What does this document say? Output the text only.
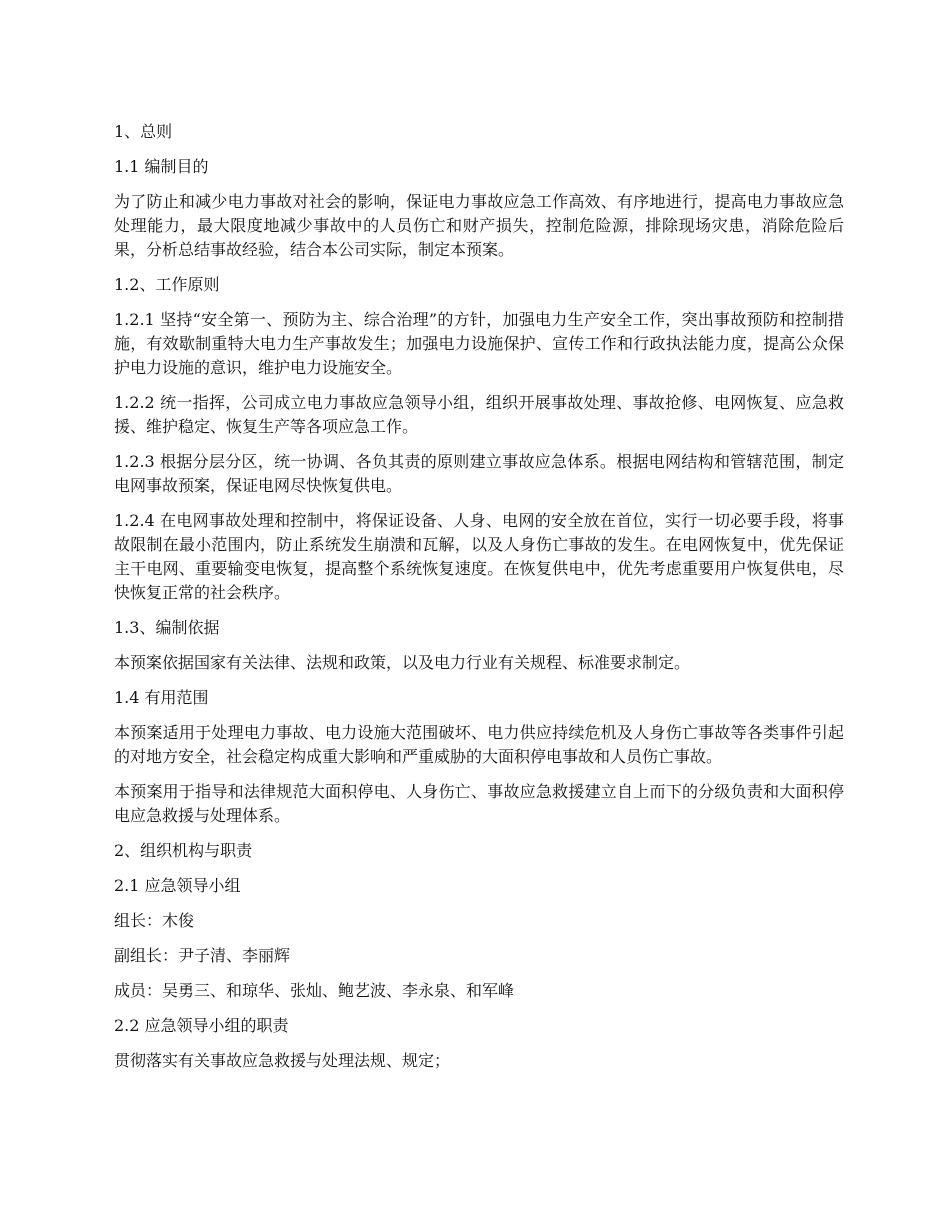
1、总则

1.1 编制目的

为了防止和减少电力事故对社会的影响，保证电力事故应急工作高效、有序地进行，提高电力事故应急处理能力，最大限度地减少事故中的人员伤亡和财产损失，控制危险源，排除现场灾患，消除危险后果，分析总结事故经验，结合本公司实际，制定本预案。

1.2、工作原则

1.2.1 坚持“安全第一、预防为主、综合治理”的方针，加强电力生产安全工作，突出事故预防和控制措施，有效歇制重特大电力生产事故发生；加强电力设施保护、宣传工作和行政执法能力度，提高公众保护电力设施的意识，维护电力设施安全。

1.2.2 统一指挥，公司成立电力事故应急领导小组，组织开展事故处理、事故抢修、电网恢复、应急救援、维护稳定、恢复生产等各项应急工作。

1.2.3 根据分层分区，统一协调、各负其责的原则建立事故应急体系。根据电网结构和管辖范围，制定电网事故预案，保证电网尽快恢复供电。

1.2.4 在电网事故处理和控制中，将保证设备、人身、电网的安全放在首位，实行一切必要手段，将事故限制在最小范围内，防止系统发生崩溃和瓦解，以及人身伤亡事故的发生。在电网恢复中，优先保证主干电网、重要输变电恢复，提高整个系统恢复速度。在恢复供电中，优先考虑重要用户恢复供电，尽快恢复正常的社会秩序。

1.3、编制依据

本预案依据国家有关法律、法规和政策，以及电力行业有关规程、标准要求制定。

1.4 有用范围

本预案适用于处理电力事故、电力设施大范围破坏、电力供应持续危机及人身伤亡事故等各类事件引起的对地方安全，社会稳定构成重大影响和严重威胁的大面积停电事故和人员伤亡事故。

本预案用于指导和法律规范大面积停电、人身伤亡、事故应急救援建立自上而下的分级负责和大面积停电应急救援与处理体系。

2、组织机构与职责

2.1 应急领导小组

组长：木俊

副组长：尹子清、李丽辉

成员：吴勇三、和琼华、张灿、鲍艺波、李永泉、和军峰

2.2 应急领导小组的职责

贯彻落实有关事故应急救援与处理法规、规定；
